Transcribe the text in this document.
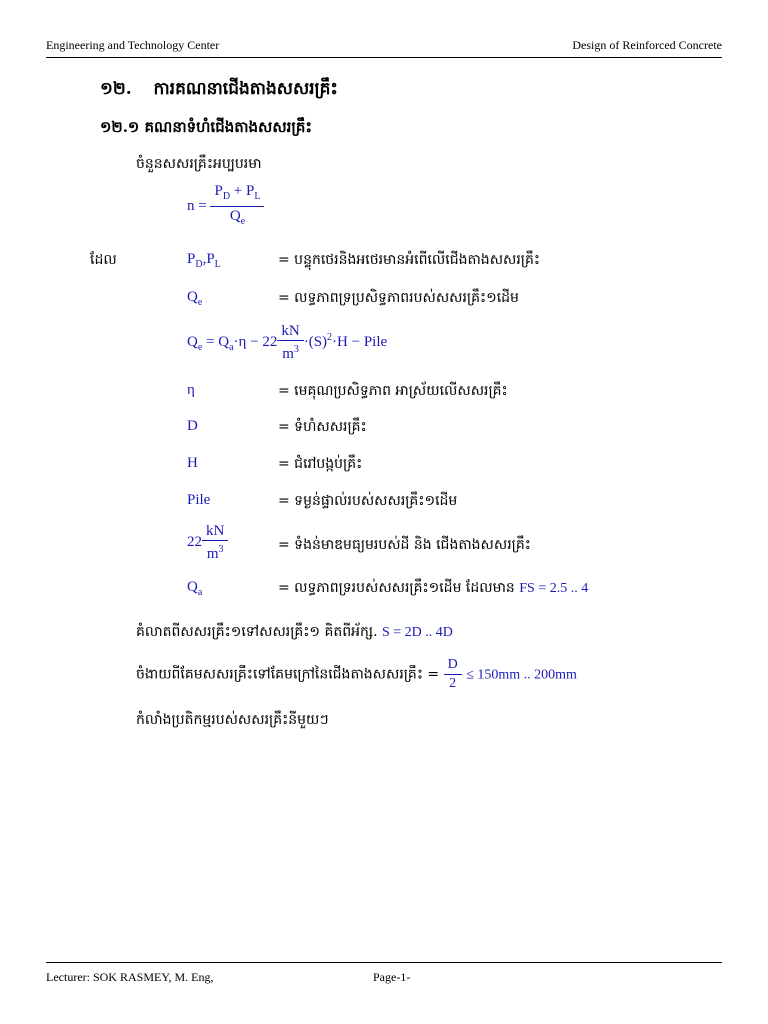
Engineering and Technology Center	Design of Reinforced Concrete
១២. ការគណនាជើងតាងសសរគ្រឹះ
១២.១ គណនាទំហំជើងតាងសសរគ្រឹះ
ចំនួនសសរគ្រឹះអប្បបរមា
$n = \frac{P_D + P_L}{Q_e}$
ដែល	$P_D,P_L$	= បន្ទុកថេរនិងអថេរមានអំពើលើជើងតាងសសរគ្រឹះ
$Q_e$	= លទ្ធភាពទ្រប្រសិទ្ធភាពរបស់សសរគ្រឹះ១ដើម
$Q_e = Q_a\cdot\eta - 22 \frac{kN}{m^3} \cdot(S)^2\cdot H$ − Pile
η	= មេគុណប្រសិទ្ធភាព អាស្រ័យលើសសរគ្រឹះ
D	= ទំហំសសរគ្រឹះ
H	= ជំរៅបង្កប់គ្រឹះ
Pile	= ទម្ងន់ផ្ទាល់របស់សសរគ្រឹះ១ដើម
$22 \frac{kN}{m^3}$	= ទំងន់មាឌមធ្យមរបស់ដី និង ជើងតាងសសរគ្រឹះ
$Q_a$	= លទ្ធភាពទ្ររបស់សសរគ្រឹះ១ដើម ដែលមាន FS = 2.5 .. 4
គំលាតពីសសរគ្រឹះ១ទៅសសរគ្រឹះ១ គិតពីអ័ក្ស. S = 2D .. 4D
ចំងាយពីគែមសសរគ្រឹះទៅគែមក្រៅនៃជើងតាងសសរគ្រឹះ = $\frac{D}{2} \le 150mm$ .. 200mm
កំលាំងប្រតិកម្មរបស់សសរគ្រឹះនីមួយៗ
Lecturer: SOK RASMEY, M. Eng,	Page-1-
